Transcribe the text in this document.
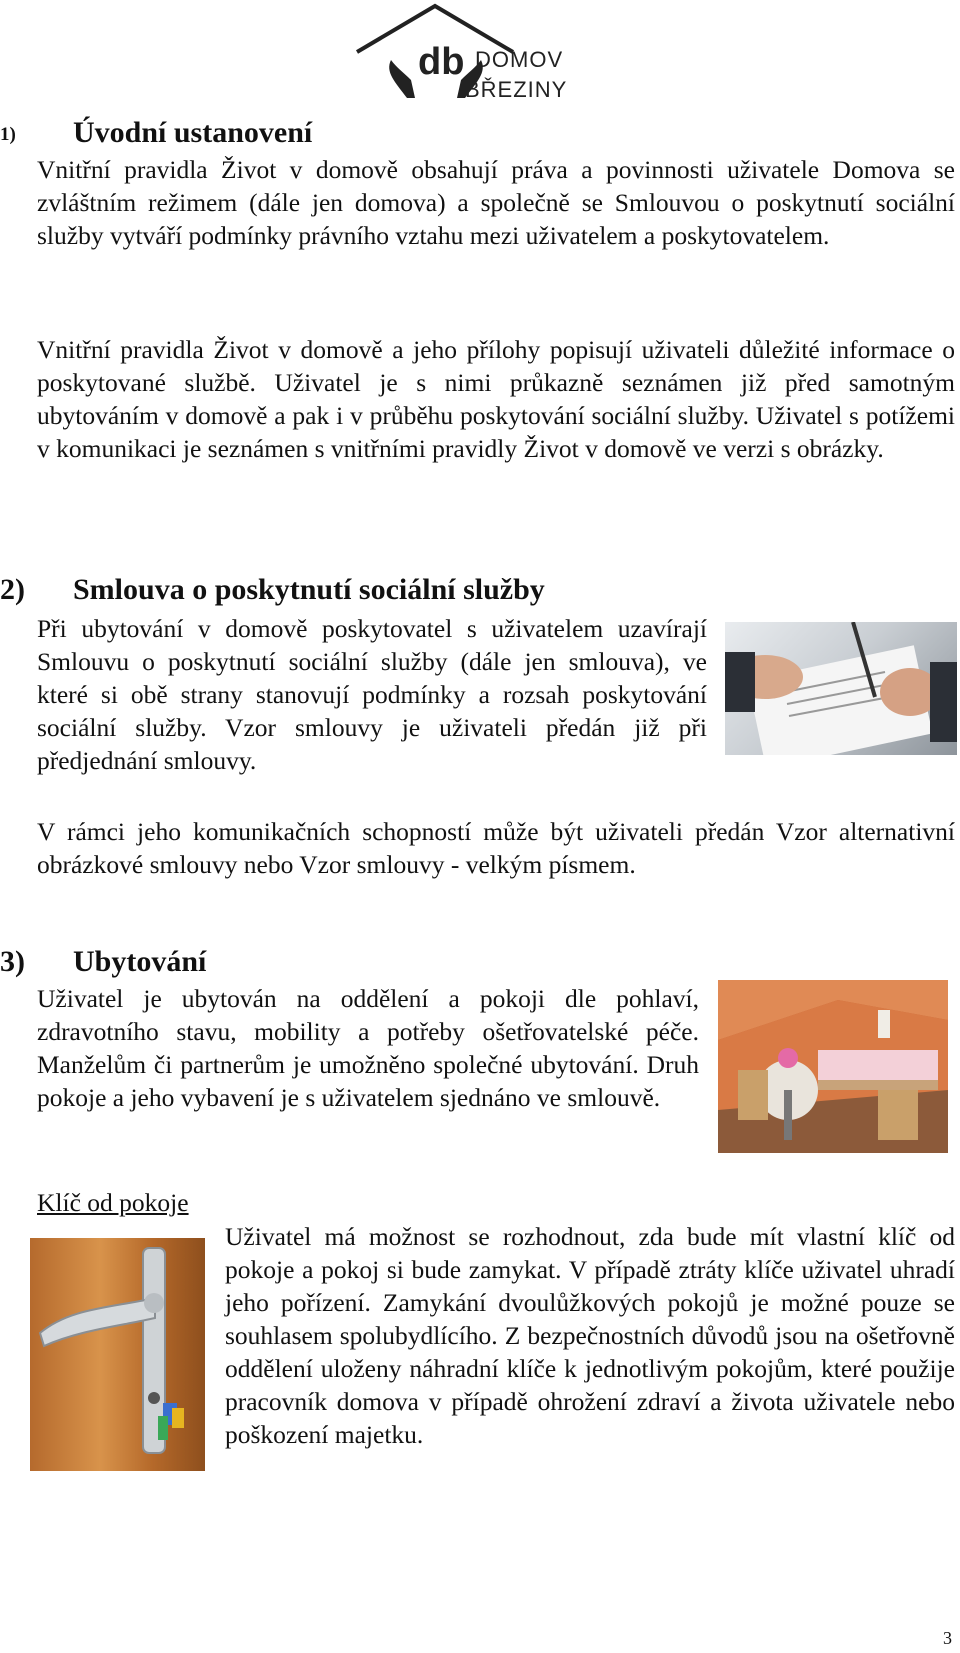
db DOMOV
BŘEZINY
1) Úvodní ustanovení

Vnitřní pravidla Život v domově obsahují práva a povinnosti uživatele Domova se zvláštním režimem (dále jen domova) a společně se Smlouvou o poskytnutí sociální služby vytváří podmínky právního vztahu mezi uživatelem a poskytovatelem.

Vnitřní pravidla Život v domově a jeho přílohy popisují uživateli důležité informace o poskytované službě. Uživatel je s nimi průkazně seznámen již před samotným ubytováním v domově a pak i v průběhu poskytování sociální služby. Uživatel s potížemi v komunikaci je seznámen s vnitřními pravidly Život v domově ve verzi s obrázky.

2) Smlouva o poskytnutí sociální služby

Při ubytování v domově poskytovatel s uživatelem uzavírají Smlouvu o poskytnutí sociální služby (dále jen smlouva), ve které si obě strany stanovují podmínky a rozsah poskytování sociální služby. Vzor smlouvy je uživateli předán již při předjednání smlouvy.

V rámci jeho komunikačních schopností může být uživateli předán Vzor alternativní obrázkové smlouvy nebo Vzor smlouvy - velkým písmem.

3) Ubytování

Uživatel je ubytován na oddělení a pokoji dle pohlaví, zdravotního stavu, mobility a potřeby ošetřovatelské péče. Manželům či partnerům je umožněno společné ubytování. Druh pokoje a jeho vybavení je s uživatelem sjednáno ve smlouvě.

Klíč od pokoje

Uživatel má možnost se rozhodnout, zda bude mít vlastní klíč od pokoje a pokoj si bude zamykat. V případě ztráty klíče uživatel uhradí jeho pořízení. Zamykání dvoulůžkových pokojů je možné pouze se souhlasem spolubydlícího. Z bezpečnostních důvodů jsou na ošetřovně oddělení uloženy náhradní klíče k jednotlivým pokojům, které použije pracovník domova v případě ohrožení zdraví a života uživatele nebo poškození majetku.

3
